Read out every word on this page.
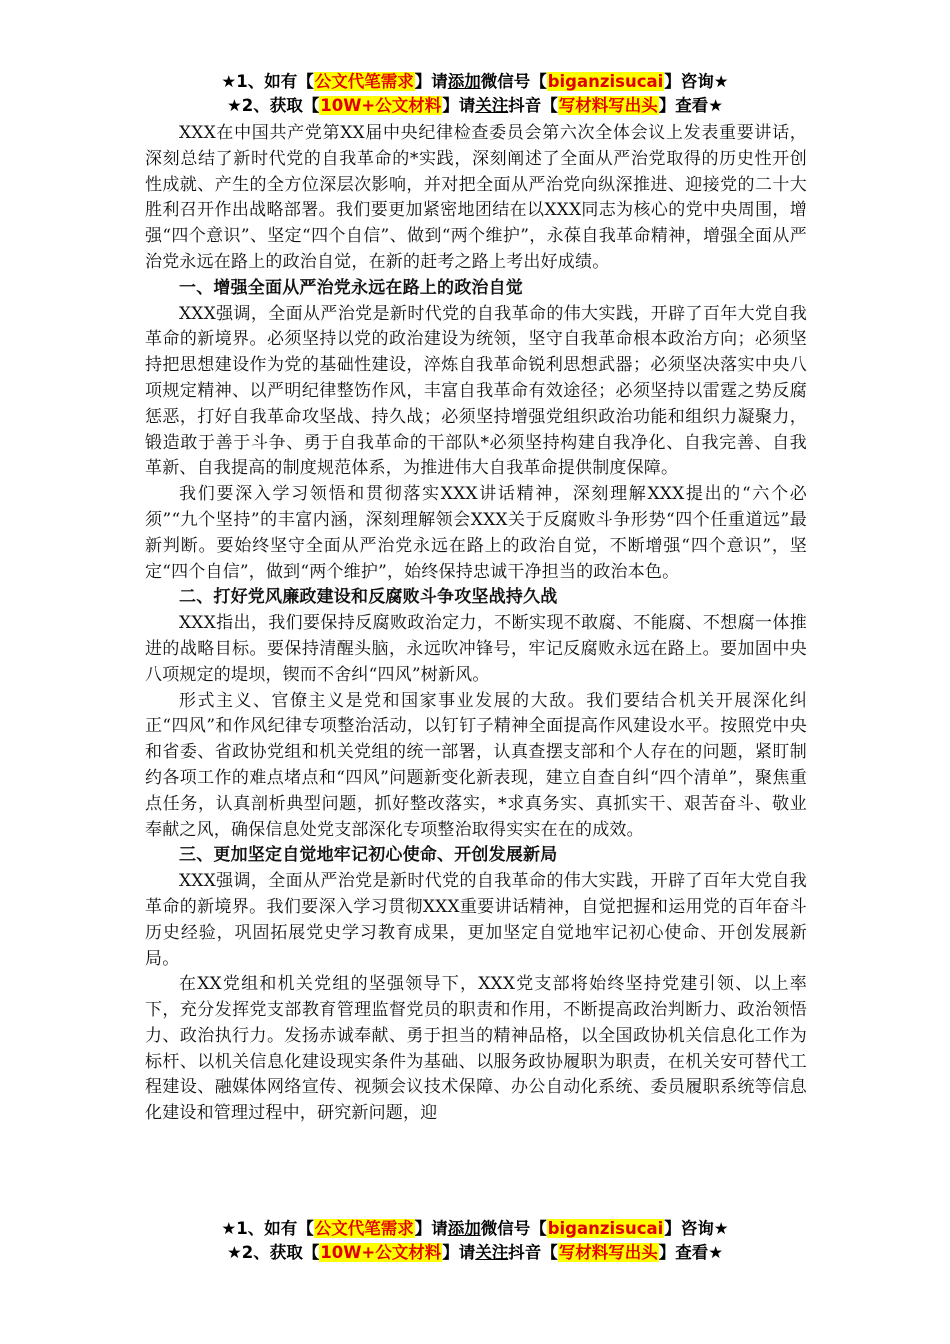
★1、如有【公文代笔需求】请添加微信号【biganzisucai】咨询★
★2、获取【10W+公文材料】请关注抖音【写材料写出头】查看★

XXX在中国共产党第XX届中央纪律检查委员会第六次全体会议上发表重要讲话，深刻总结了新时代党的自我革命的*实践，深刻阐述了全面从严治党取得的历史性开创性成就、产生的全方位深层次影响，并对把全面从严治党向纵深推进、迎接党的二十大胜利召开作出战略部署。我们要更加紧密地团结在以XXX同志为核心的党中央周围，增强“四个意识”、坚定“四个自信”、做到“两个维护”，永葆自我革命精神，增强全面从严治党永远在路上的政治自觉，在新的赶考之路上考出好成绩。

一、增强全面从严治党永远在路上的政治自觉

XXX强调，全面从严治党是新时代党的自我革命的伟大实践，开辟了百年大党自我革命的新境界。必须坚持以党的政治建设为统领，坚守自我革命根本政治方向；必须坚持把思想建设作为党的基础性建设，淬炼自我革命锐利思想武器；必须坚决落实中央八项规定精神、以严明纪律整饬作风，丰富自我革命有效途径；必须坚持以雷霆之势反腐惩恶，打好自我革命攻坚战、持久战；必须坚持增强党组织政治功能和组织力凝聚力，锻造敢于善于斗争、勇于自我革命的干部队*必须坚持构建自我净化、自我完善、自我革新、自我提高的制度规范体系，为推进伟大自我革命提供制度保障。

我们要深入学习领悟和贯彻落实XXX讲话精神，深刻理解XXX提出的“六个必须”“九个坚持”的丰富内涵，深刻理解领会XXX关于反腐败斗争形势“四个任重道远”最新判断。要始终坚守全面从严治党永远在路上的政治自觉，不断增强“四个意识”，坚定“四个自信”，做到“两个维护”，始终保持忠诚干净担当的政治本色。

二、打好党风廉政建设和反腐败斗争攻坚战持久战

XXX指出，我们要保持反腐败政治定力，不断实现不敢腐、不能腐、不想腐一体推进的战略目标。要保持清醒头脑，永远吹冲锋号，牢记反腐败永远在路上。要加固中央八项规定的堤坝，锲而不舍纠“四风”树新风。

形式主义、官僚主义是党和国家事业发展的大敌。我们要结合机关开展深化纠正“四风”和作风纪律专项整治活动，以钉钉子精神全面提高作风建设水平。按照党中央和省委、省政协党组和机关党组的统一部署，认真查摆支部和个人存在的问题，紧盯制约各项工作的难点堵点和“四风”问题新变化新表现，建立自查自纠“四个清单”，聚焦重点任务，认真剖析典型问题，抓好整改落实，*求真务实、真抓实干、艰苦奋斗、敬业奉献之风，确保信息处党支部深化专项整治取得实实在在的成效。

三、更加坚定自觉地牢记初心使命、开创发展新局

XXX强调，全面从严治党是新时代党的自我革命的伟大实践，开辟了百年大党自我革命的新境界。我们要深入学习贯彻XXX重要讲话精神，自觉把握和运用党的百年奋斗历史经验，巩固拓展党史学习教育成果，更加坚定自觉地牢记初心使命、开创发展新局。

在XX党组和机关党组的坚强领导下，XXX党支部将始终坚持党建引领、以上率下，充分发挥党支部教育管理监督党员的职责和作用，不断提高政治判断力、政治领悟力、政治执行力。发扬赤诚奉献、勇于担当的精神品格，以全国政协机关信息化工作为标杆、以机关信息化建设现实条件为基础、以服务政协履职为职责，在机关安可替代工程建设、融媒体网络宣传、视频会议技术保障、办公自动化系统、委员履职系统等信息化建设和管理过程中，研究新问题，迎

★1、如有【公文代笔需求】请添加微信号【biganzisucai】咨询★
★2、获取【10W+公文材料】请关注抖音【写材料写出头】查看★
